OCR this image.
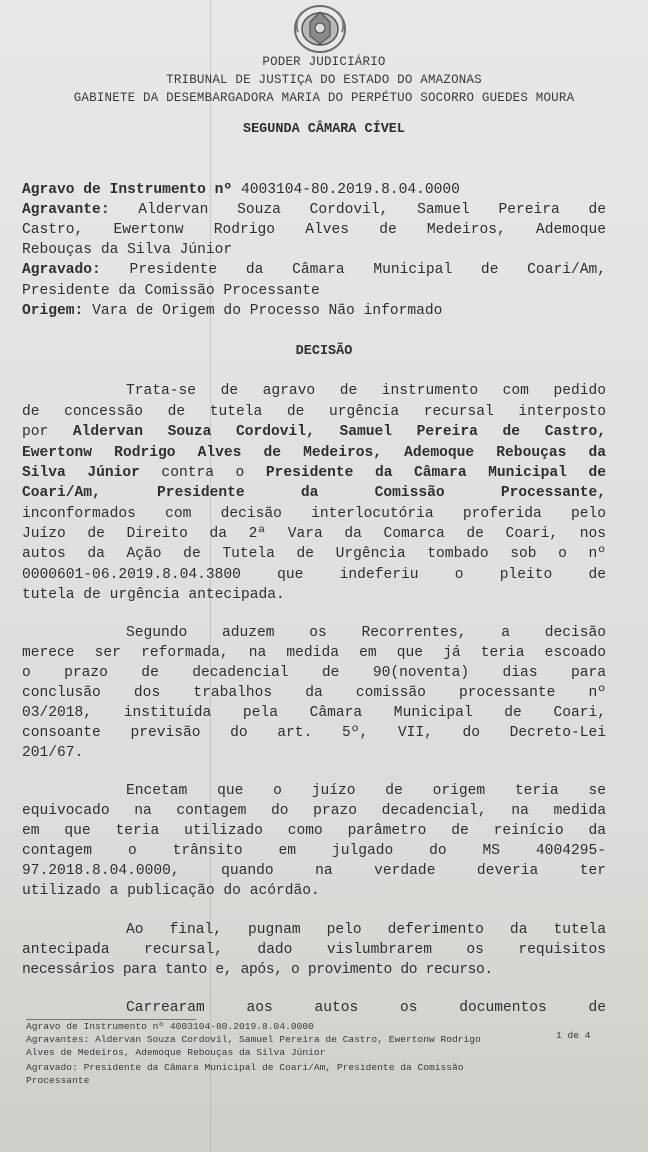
PODER JUDICIÁRIO
TRIBUNAL DE JUSTIÇA DO ESTADO DO AMAZONAS
GABINETE DA DESEMBARGADORA MARIA DO PERPÉTUO SOCORRO GUEDES MOURA
SEGUNDA CÂMARA CÍVEL
Agravo de Instrumento nº 4003104-80.2019.8.04.0000
Agravante: Aldervan Souza Cordovil, Samuel Pereira de
Castro, Ewertonw Rodrigo Alves de Medeiros, Ademoque
Rebouças da Silva Júnior
Agravado: Presidente da Câmara Municipal de Coari/Am,
Presidente da Comissão Processante
Origem: Vara de Origem do Processo Não informado
DECISÃO
Trata-se de agravo de instrumento com pedido
de concessão de tutela de urgência recursal interposto
por Aldervan Souza Cordovil, Samuel Pereira de Castro,
Ewertonw Rodrigo Alves de Medeiros, Ademoque Rebouças da
Silva Júnior contra o Presidente da Câmara Municipal de
Coari/Am, Presidente da Comissão Processante,
inconformados com decisão interlocutória proferida pelo
Juízo de Direito da 2ª Vara da Comarca de Coari, nos
autos da Ação de Tutela de Urgência tombado sob o nº
0000601-06.2019.8.04.3800 que indeferiu o pleito de
tutela de urgência antecipada.
Segundo aduzem os Recorrentes, a decisão
merece ser reformada, na medida em que já teria escoado
o prazo de decadencial de 90(noventa) dias para
conclusão dos trabalhos da comissão processante nº
03/2018, instituída pela Câmara Municipal de Coari,
consoante previsão do art. 5º, VII, do Decreto-Lei
201/67.
Encetam que o juízo de origem teria se
equivocado na contagem do prazo decadencial, na medida
em que teria utilizado como parâmetro de reinício da
contagem o trânsito em julgado do MS 4004295-
97.2018.8.04.0000, quando na verdade deveria ter
utilizado a publicação do acórdão.
Ao final, pugnam pelo deferimento da tutela
antecipada recursal, dado vislumbrarem os requisitos
necessários para tanto e, após, o provimento do recurso.
Carrearam aos autos os documentos de
Agravo de Instrumento nº 4003104-80.2019.8.04.0000
1 de 4
Agravantes: Aldervan Souza Cordovil, Samuel Pereira de Castro, Ewertonw Rodrigo
Alves de Medeiros, Ademoque Rebouças da Silva Júnior
Agravado: Presidente da Câmara Municipal de Coari/Am, Presidente da Comissão
Processante
